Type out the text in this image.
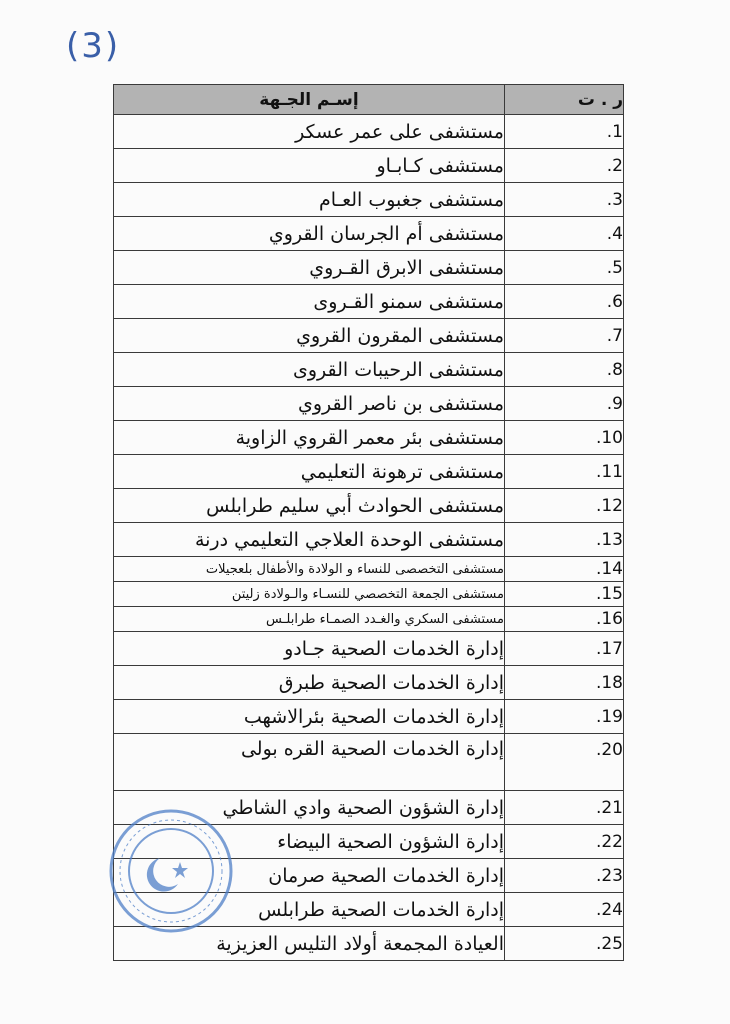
(3)
ر . ت	إسـم الجـهة
1.	مستشفى على عمر عسكر
2.	مستشفى كـابـاو
3.	مستشفى جغبوب العـام
4.	مستشفى أم الجرسان القروي
5.	مستشفى الابرق القـروي
6.	مستشفى سمنو القـروى
7.	مستشفى المقرون القروي
8.	مستشفى الرحيبات القروى
9.	مستشفى بن ناصر القروي
10.	مستشفى بئر معمر القروي الزاوية
11.	مستشفى ترهونة التعليمي
12.	مستشفى الحوادث أبي سليم طرابلس
13.	مستشفى الوحدة العلاجي التعليمي درنة
14.	مستشفى التخصصى للنساء و الولادة والأطفال بلعجيلات
15.	مستشفى الجمعة التخصصي للنسـاء والـولادة زليتن
16.	مستشفى السكري والغـدد الصمـاء طرابلـس
17.	إدارة الخدمات الصحية جـادو
18.	إدارة الخدمات الصحية طبرق
19.	إدارة الخدمات الصحية بئرالاشهب
20.	إدارة الخدمات الصحية القره بولى
21.	إدارة الشؤون الصحية وادي الشاطي
22.	إدارة الشؤون الصحية البيضاء
23.	إدارة الخدمات الصحية صرمان
24.	إدارة الخدمات الصحية طرابلس
25.	العيادة المجمعة أولاد التليس العزيزية
